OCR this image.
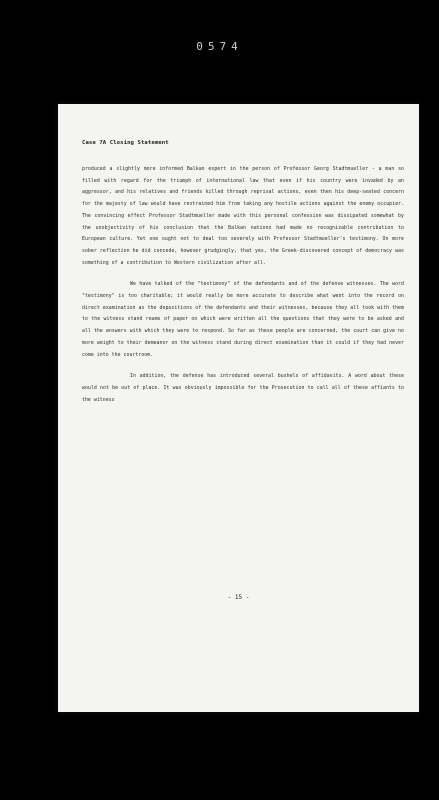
0574
Case 7A Closing Statement

produced a slightly more informed Balkan expert in the person of Professor Georg Stadtmueller - a man so filled with regard for the triumph of international law that even if his country were invaded by an aggressor, and his relatives and friends killed through reprisal actions, even then his deep-seated concern for the majesty of law would have restrained him from taking any hostile actions against the enemy occupier. The convincing effect Professor Stadtmueller made with this personal confession was dissipated somewhat by the unobjectivity of his conclusion that the Balkan nations had made no recognizable contribution to European culture. Yet one ought not to deal too severely with Professor Stadtmueller's testimony. On more sober reflection he did concede, however grudgingly, that yes, the Greek-discovered concept of democracy was something of a contribution to Western civilization after all.

We have talked of the "testimony" of the defendants and of the defense witnesses. The word "testimony" is too charitable; it would really be more accurate to describe what went into the record on direct examination as the depositions of the defendants and their witnesses, because they all took with them to the witness stand reams of paper on which were written all the questions that they were to be asked and all the answers with which they were to respond. So far as these people are concerned, the court can give no more weight to their demeanor on the witness stand during direct examination than it could if they had never come into the courtroom.

In addition, the defense has introduced several bushels of affidavits. A word about these would not be out of place. It was obviously impossible for the Prosecution to call all of these affiants to the witness

- 15 -
